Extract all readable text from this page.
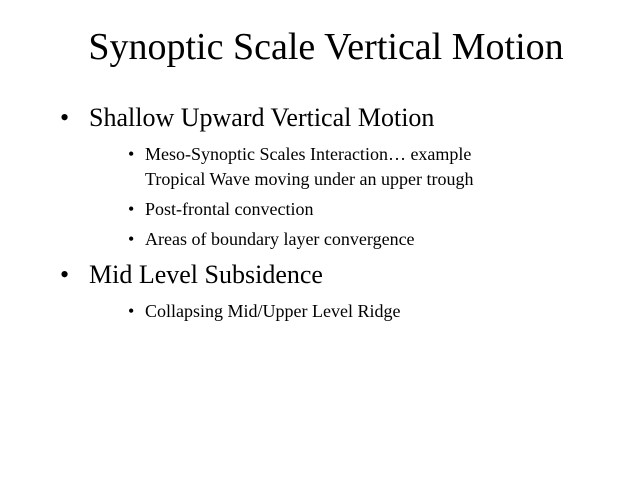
Synoptic Scale Vertical Motion
• Shallow Upward Vertical Motion
• Meso-Synoptic Scales Interaction… example
Tropical Wave moving under an upper trough
• Post-frontal convection
• Areas of boundary layer convergence
• Mid Level Subsidence
• Collapsing Mid/Upper Level Ridge
